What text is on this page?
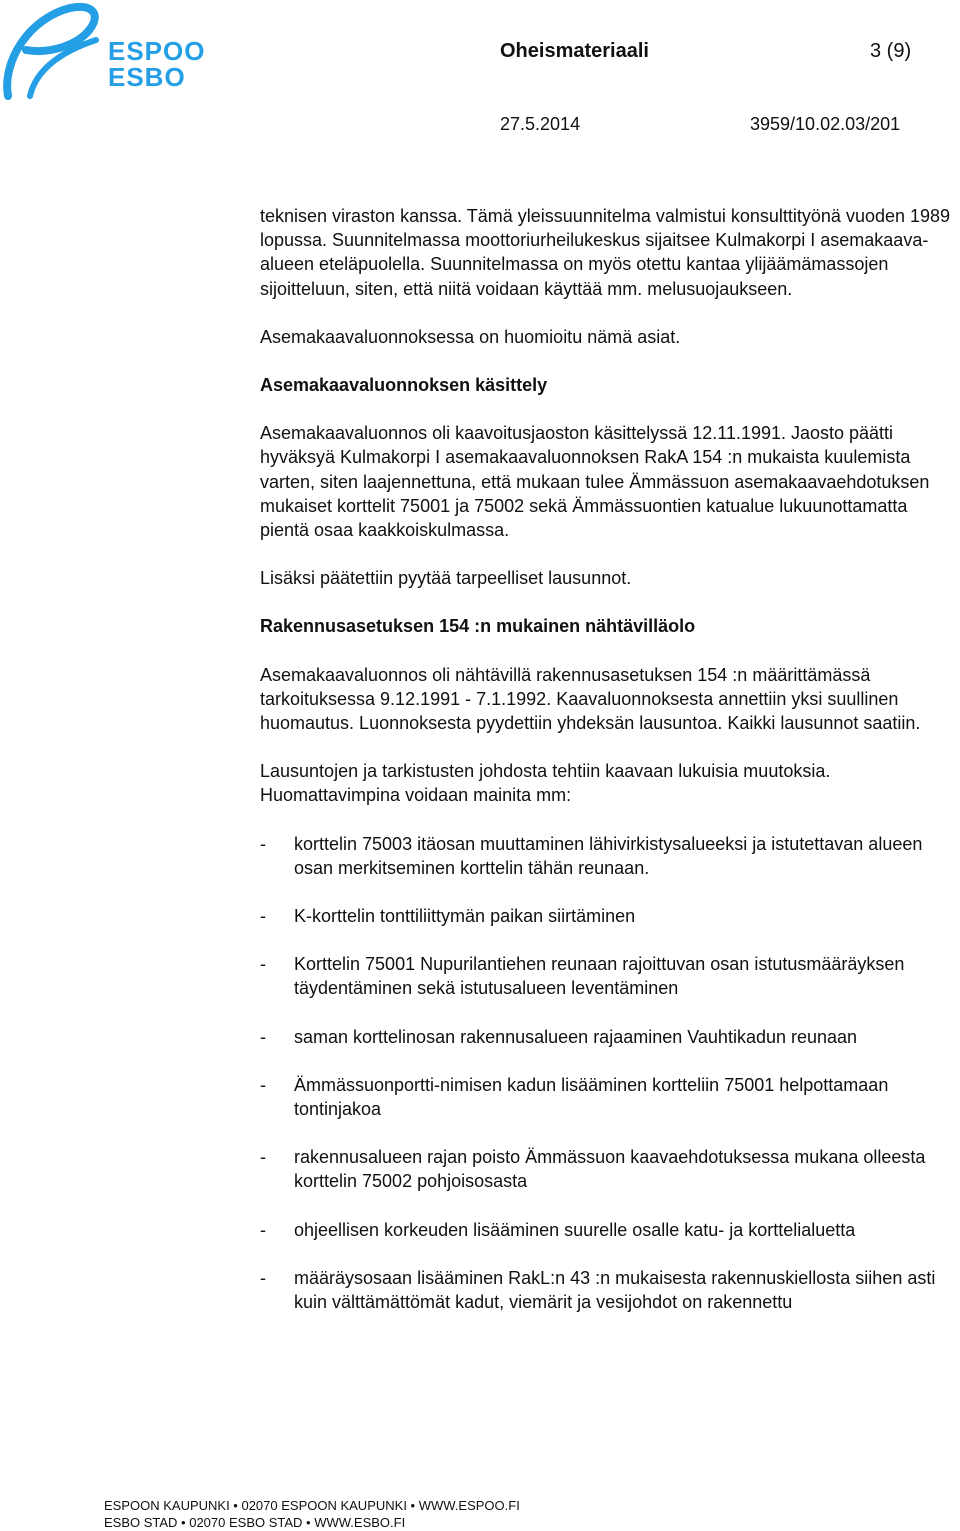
ESPOO
ESBO
Oheismateriaali	3 (9)
27.5.2014	3959/10.02.03/201

teknisen viraston kanssa. Tämä yleissuunnitelma valmistui konsulttityönä vuoden 1989 lopussa. Suunnitelmassa moottoriurheilukeskus sijaitsee Kulmakorpi I asemakaava-alueen eteläpuolella. Suunnitelmassa on myös otettu kantaa ylijäämämassojen sijoitteluun, siten, että niitä voidaan käyttää mm. melusuojaukseen.

Asemakaavaluonnoksessa on huomioitu nämä asiat.

Asemakaavaluonnoksen käsittely

Asemakaavaluonnos oli kaavoitusjaoston käsittelyssä 12.11.1991. Jaosto päätti hyväksyä Kulmakorpi I asemakaavaluonnoksen RakA 154 :n mukaista kuulemista varten, siten laajennettuna, että mukaan tulee Ämmässuon asemakaavaehdotuksen mukaiset korttelit 75001 ja 75002 sekä Ämmässuontien katualue lukuunottamatta pientä osaa kaakkoiskulmassa.

Lisäksi päätettiin pyytää tarpeelliset lausunnot.

Rakennusasetuksen 154 :n mukainen nähtävilläolo

Asemakaavaluonnos oli nähtävillä rakennusasetuksen 154 :n määrittämässä tarkoituksessa 9.12.1991 - 7.1.1992. Kaavaluonnoksesta annettiin yksi suullinen huomautus. Luonnoksesta pyydettiin yhdeksän lausuntoa. Kaikki lausunnot saatiin.

Lausuntojen ja tarkistusten johdosta tehtiin kaavaan lukuisia muutoksia. Huomattavimpina voidaan mainita mm:

- korttelin 75003 itäosan muuttaminen lähivirkistysalueeksi ja istutettavan alueen osan merkitseminen korttelin tähän reunaan.
- K-korttelin tonttiliittymän paikan siirtäminen
- Korttelin 75001 Nupurilantiehen reunaan rajoittuvan osan istutusmääräyksen täydentäminen sekä istutusalueen leventäminen
- saman korttelinosan rakennusalueen rajaaminen Vauhtikadun reunaan
- Ämmässuonportti-nimisen kadun lisääminen kortteliin 75001 helpottamaan tontinjakoa
- rakennusalueen rajan poisto Ämmässuon kaavaehdotuksessa mukana olleesta korttelin 75002 pohjoisosasta
- ohjeellisen korkeuden lisääminen suurelle osalle katu- ja korttelialuetta
- määräysosaan lisääminen RakL:n 43 :n mukaisesta rakennuskiellosta siihen asti kuin välttämättömät kadut, viemärit ja vesijohdot on rakennettu
ESPOON KAUPUNKI • 02070 ESPOON KAUPUNKI • WWW.ESPOO.FI
ESBO STAD • 02070 ESBO STAD • WWW.ESBO.FI
